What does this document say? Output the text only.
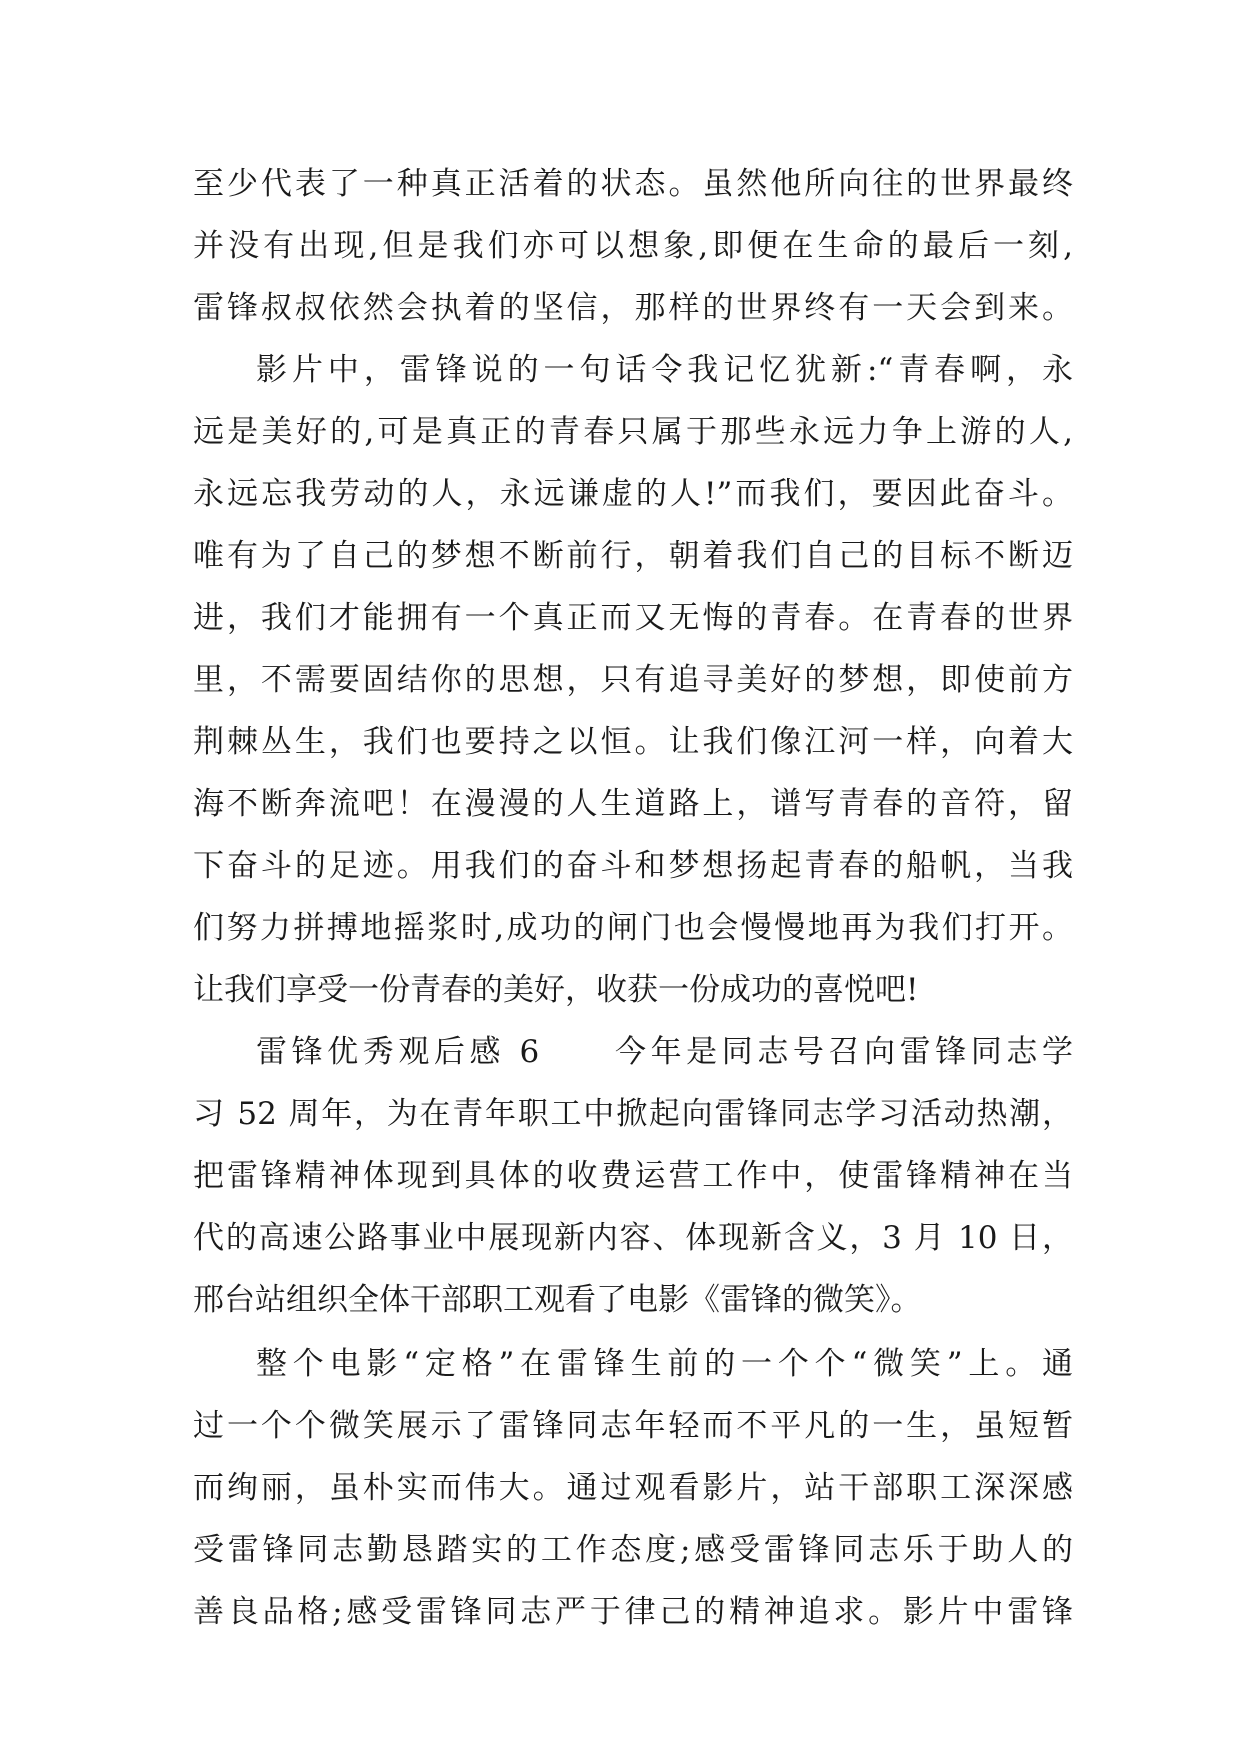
至少代表了一种真正活着的状态。虽然他所向往的世界最终
并没有出现,但是我们亦可以想象,即便在生命的最后一刻,
雷锋叔叔依然会执着的坚信，那样的世界终有一天会到来。
影片中，雷锋说的一句话令我记忆犹新:“青春啊，永
远是美好的,可是真正的青春只属于那些永远力争上游的人,
永远忘我劳动的人，永远谦虚的人!”而我们，要因此奋斗。
唯有为了自己的梦想不断前行，朝着我们自己的目标不断迈
进，我们才能拥有一个真正而又无悔的青春。在青春的世界
里，不需要固结你的思想，只有追寻美好的梦想，即使前方
荆棘丛生，我们也要持之以恒。让我们像江河一样，向着大
海不断奔流吧！在漫漫的人生道路上，谱写青春的音符，留
下奋斗的足迹。用我们的奋斗和梦想扬起青春的船帆，当我
们努力拼搏地摇浆时,成功的闸门也会慢慢地再为我们打开。
让我们享受一份青春的美好，收获一份成功的喜悦吧!
雷锋优秀观后感 6　　今年是同志号召向雷锋同志学
习 52 周年，为在青年职工中掀起向雷锋同志学习活动热潮，
把雷锋精神体现到具体的收费运营工作中，使雷锋精神在当
代的高速公路事业中展现新内容、体现新含义，3 月 10 日，
邢台站组织全体干部职工观看了电影《雷锋的微笑》。
整个电影“定格”在雷锋生前的一个个“微笑”上。通
过一个个微笑展示了雷锋同志年轻而不平凡的一生，虽短暂
而绚丽，虽朴实而伟大。通过观看影片，站干部职工深深感
受雷锋同志勤恳踏实的工作态度;感受雷锋同志乐于助人的
善良品格;感受雷锋同志严于律己的精神追求。影片中雷锋
